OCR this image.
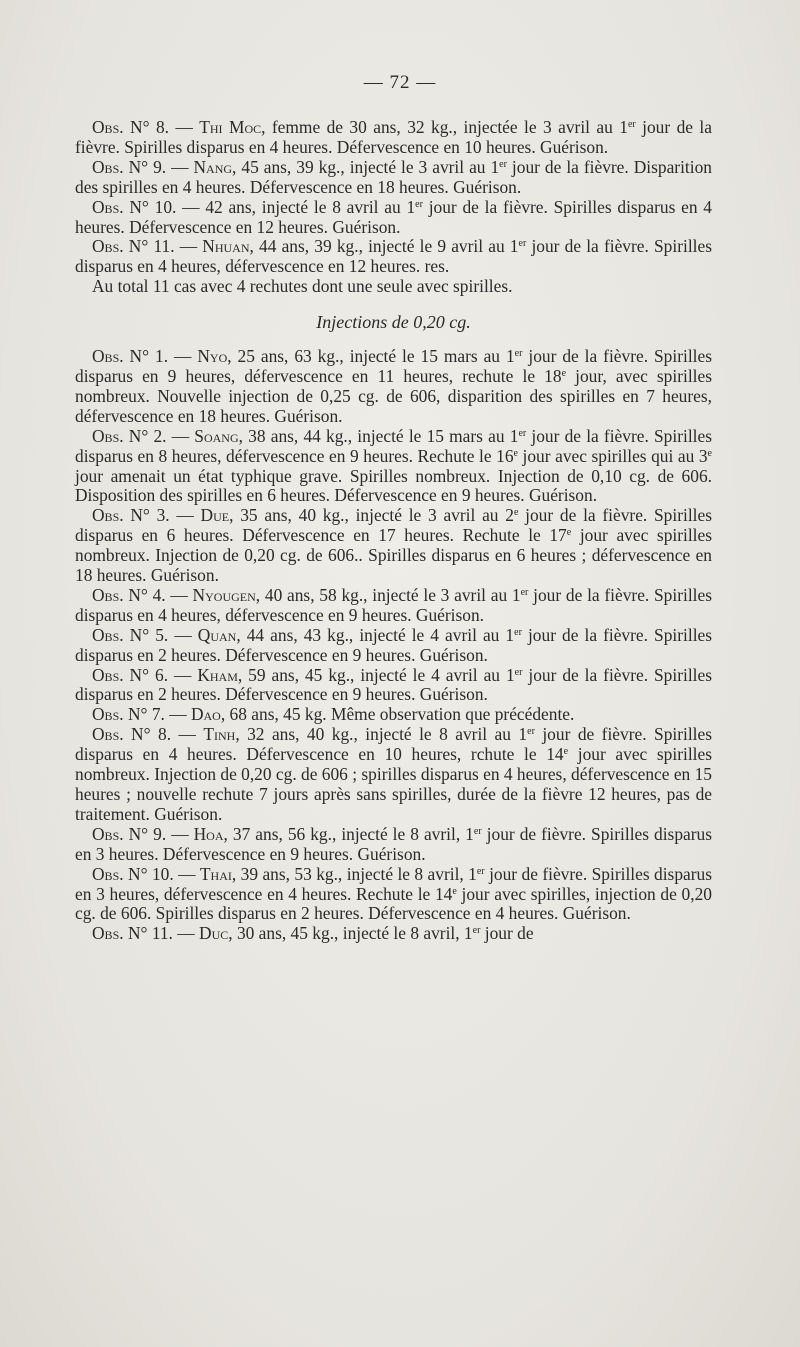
— 72 —

Obs. N° 8. — Thi Moc, femme de 30 ans, 32 kg., injectée le 3 avril au 1er jour de la fièvre. Spirilles disparus en 4 heures. Défervescence en 10 heures. Guérison.

Obs. N° 9. — Nang, 45 ans, 39 kg., injecté le 3 avril au 1er jour de la fièvre. Disparition des spirilles en 4 heures. Défervescence en 18 heures. Guérison.

Obs. N° 10. — 42 ans, injecté le 8 avril au 1er jour de la fièvre. Spirilles disparus en 4 heures. Défervescence en 12 heures. Guérison.

Obs. N° 11. — Nhuan, 44 ans, 39 kg., injecté le 9 avril au 1er jour de la fièvre. Spirilles disparus en 4 heures, défervescence en 12 heures. res.

Au total 11 cas avec 4 rechutes dont une seule avec spirilles.

Injections de 0,20 cg.

Obs. N° 1. — Nyo, 25 ans, 63 kg., injecté le 15 mars au 1er jour de la fièvre. Spirilles disparus en 9 heures, défervescence en 11 heures, rechute le 18e jour, avec spirilles nombreux. Nouvelle injection de 0,25 cg. de 606, disparition des spirilles en 7 heures, défervescence en 18 heures. Guérison.

Obs. N° 2. — Soang, 38 ans, 44 kg., injecté le 15 mars au 1er jour de la fièvre. Spirilles disparus en 8 heures, défervescence en 9 heures. Rechute le 16e jour avec spirilles qui au 3e jour amenait un état typhique grave. Spirilles nombreux. Injection de 0,10 cg. de 606. Disposition des spirilles en 6 heures. Défervescence en 9 heures. Guérison.

Obs. N° 3. — Due, 35 ans, 40 kg., injecté le 3 avril au 2e jour de la fièvre. Spirilles disparus en 6 heures. Défervescence en 17 heures. Rechute le 17e jour avec spirilles nombreux. Injection de 0,20 cg. de 606.. Spirilles disparus en 6 heures ; défervescence en 18 heures. Guérison.

Obs. N° 4. — Nyougen, 40 ans, 58 kg., injecté le 3 avril au 1er jour de la fièvre. Spirilles disparus en 4 heures, défervescence en 9 heures. Guérison.

Obs. N° 5. — Quan, 44 ans, 43 kg., injecté le 4 avril au 1er jour de la fièvre. Spirilles disparus en 2 heures. Défervescence en 9 heures. Guérison.

Obs. N° 6. — Kham, 59 ans, 45 kg., injecté le 4 avril au 1er jour de la fièvre. Spirilles disparus en 2 heures. Défervescence en 9 heures. Guérison.

Obs. N° 7. — Dao, 68 ans, 45 kg. Même observation que précédente.

Obs. N° 8. — Tinh, 32 ans, 40 kg., injecté le 8 avril au 1er jour de fièvre. Spirilles disparus en 4 heures. Défervescence en 10 heures, rchute le 14e jour avec spirilles nombreux. Injection de 0,20 cg. de 606 ; spirilles disparus en 4 heures, défervescence en 15 heures ; nouvelle rechute 7 jours après sans spirilles, durée de la fièvre 12 heures, pas de traitement. Guérison.

Obs. N° 9. — Hoa, 37 ans, 56 kg., injecté le 8 avril, 1er jour de fièvre. Spirilles disparus en 3 heures. Défervescence en 9 heures. Guérison.

Obs. N° 10. — Thai, 39 ans, 53 kg., injecté le 8 avril, 1er jour de fièvre. Spirilles disparus en 3 heures, défervescence en 4 heures. Rechute le 14e jour avec spirilles, injection de 0,20 cg. de 606. Spirilles disparus en 2 heures. Défervescence en 4 heures. Guérison.

Obs. N° 11. — Duc, 30 ans, 45 kg., injecté le 8 avril, 1er jour de
